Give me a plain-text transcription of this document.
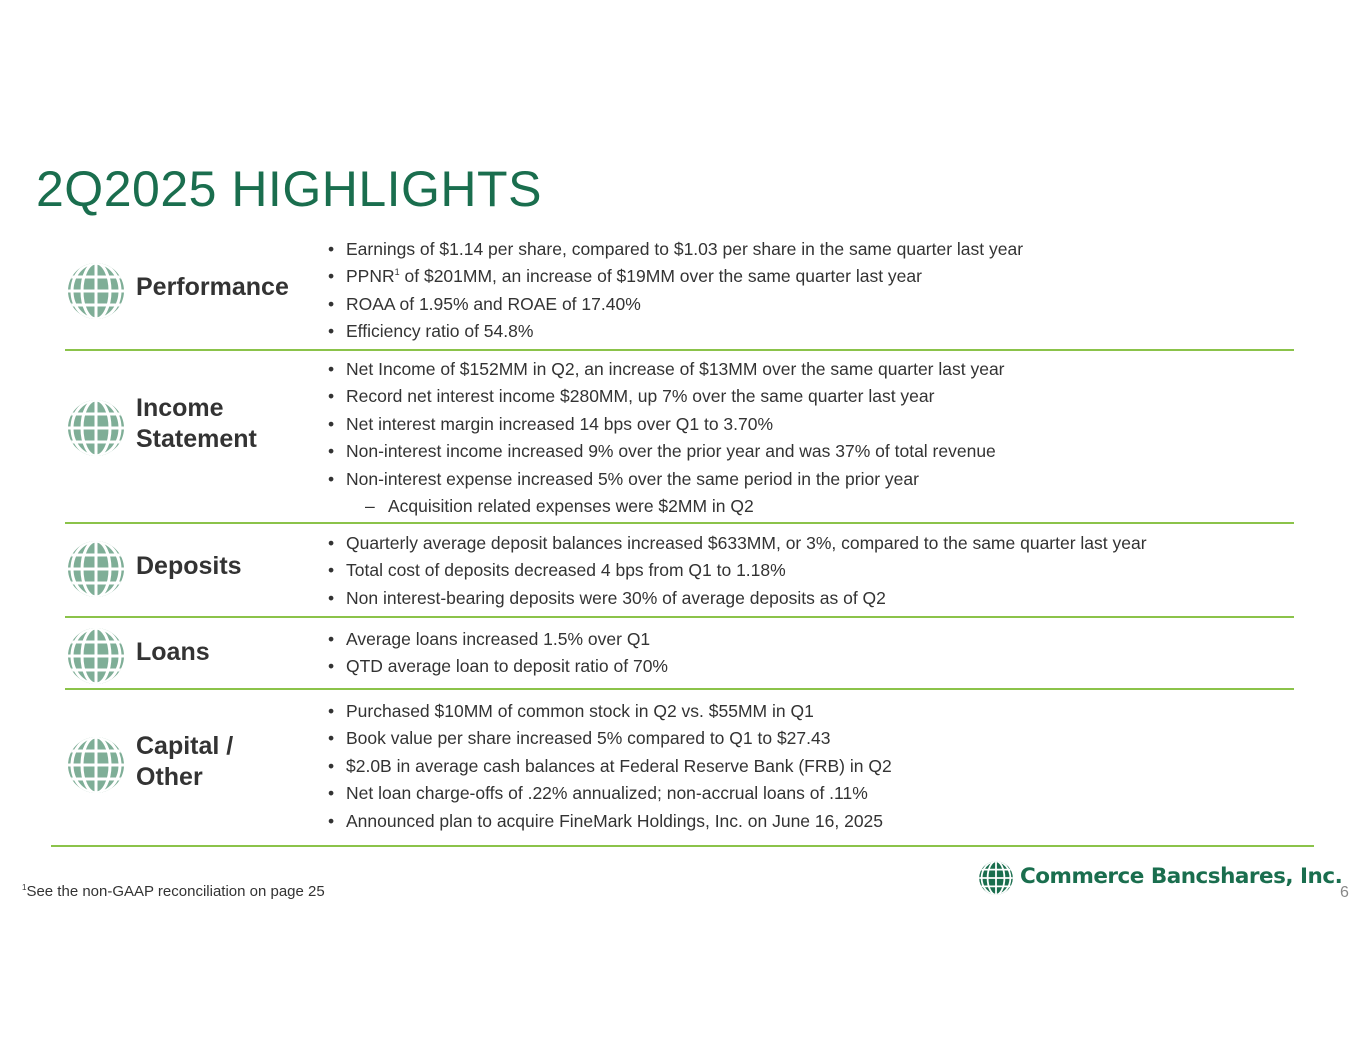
2Q2025 HIGHLIGHTS
Performance
• Earnings of $1.14 per share, compared to $1.03 per share in the same quarter last year
• PPNR$^1$ of $201MM, an increase of $19MM over the same quarter last year
• ROAA of 1.95% and ROAE of 17.40%
• Efficiency ratio of 54.8%
Income
Statement
• Net Income of $152MM in Q2, an increase of $13MM over the same quarter last year
• Record net interest income $280MM, up 7% over the same quarter last year
• Net interest margin increased 14 bps over Q1 to 3.70%
• Non-interest income increased 9% over the prior year and was 37% of total revenue
• Non-interest expense increased 5% over the same period in the prior year
– Acquisition related expenses were $2MM in Q2
Deposits
• Quarterly average deposit balances increased $633MM, or 3%, compared to the same quarter last year
• Total cost of deposits decreased 4 bps from Q1 to 1.18%
• Non interest-bearing deposits were 30% of average deposits as of Q2
Loans
•	Average loans increased 1.5% over Q1
• QTD average loan to deposit ratio of 70%
Capital /
Other
• Purchased $10MM of common stock in Q2 vs. $55MM in Q1
• Book value per share increased 5% compared to Q1 to $27.43
• $2.0B in average cash balances at Federal Reserve Bank (FRB) in Q2
• Net loan charge-offs of .22% annualized; non-accrual loans of .11%
• Announced plan to acquire FineMark Holdings, Inc. on June 16, 2025
$^1$See the non-GAAP reconciliation on page 25
Commerce Bancshares, Inc.
6
